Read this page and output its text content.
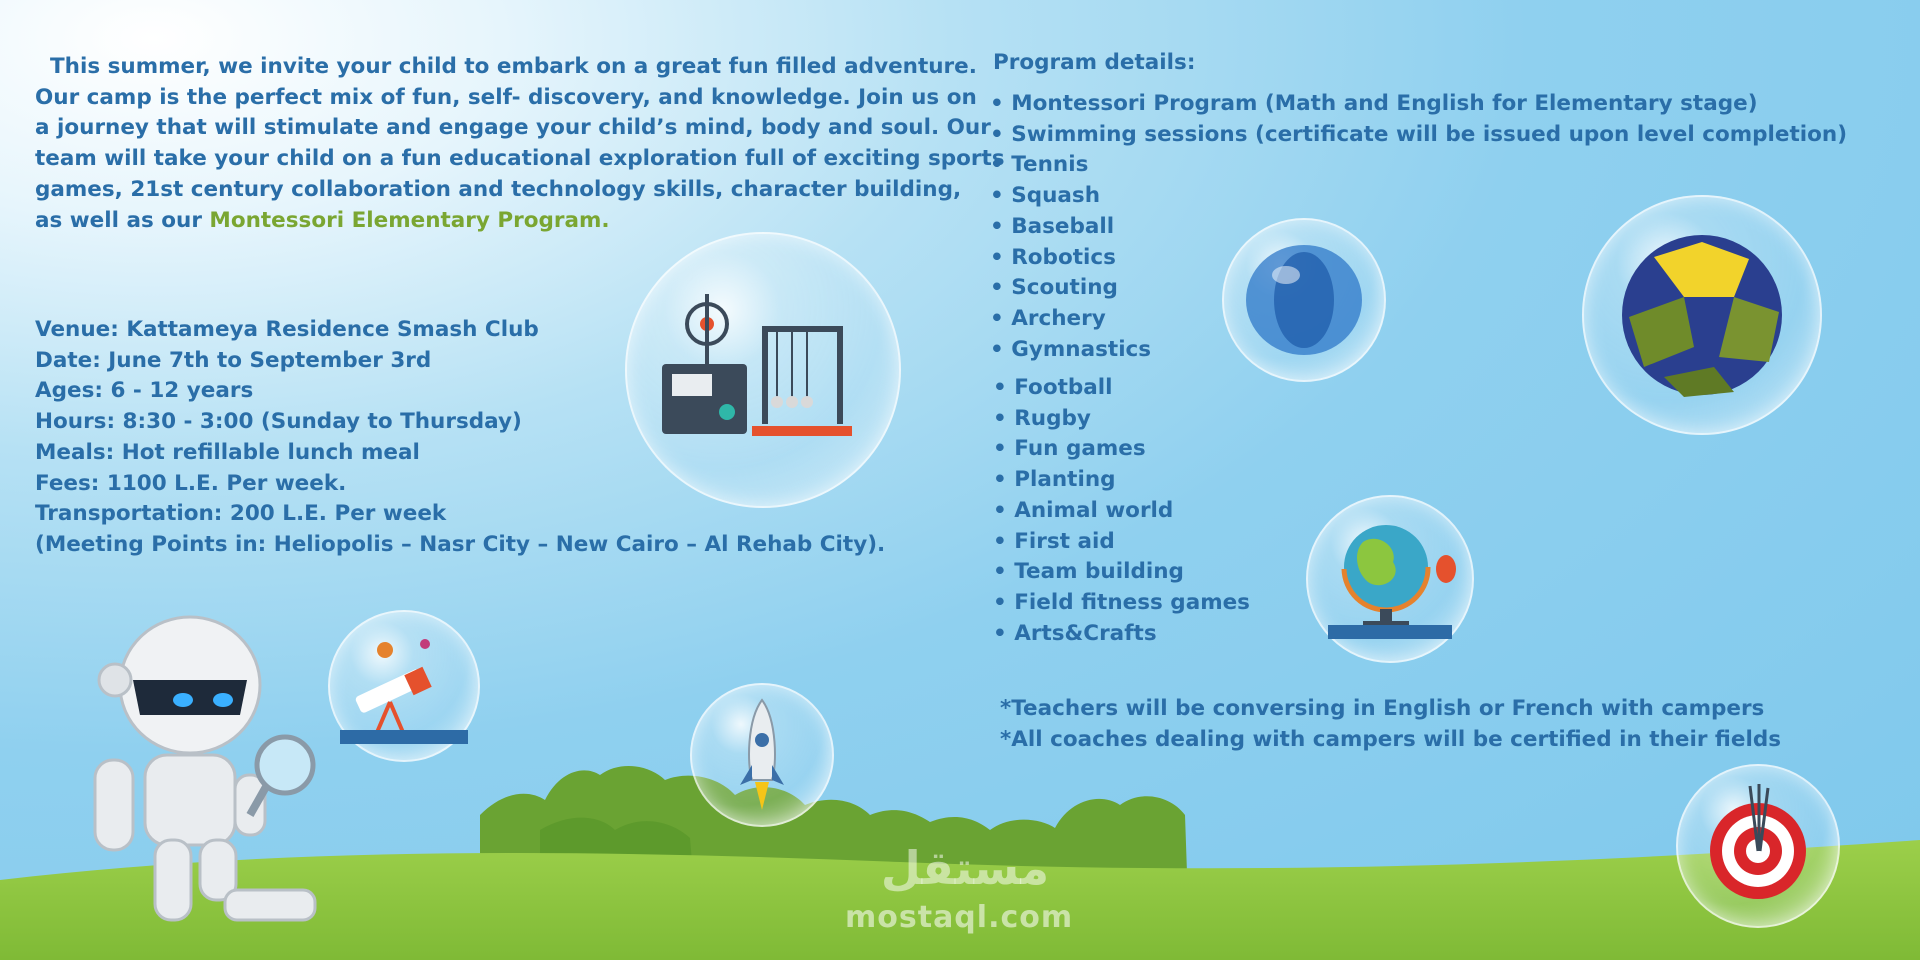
This summer, we invite your child to embark on a great fun filled adventure.

Our camp is the perfect mix of fun, self- discovery, and knowledge. Join us on

a journey that will stimulate and engage your child’s mind, body and soul. Our

team will take your child on a fun educational exploration full of exciting sports

games, 21st century collaboration and technology skills, character building,

as well as our Montessori Elementary Program.

Venue: Kattameya Residence Smash Club
Date: June 7th to September 3rd
Ages: 6 - 12 years
Hours: 8:30 - 3:00 (Sunday to Thursday)
Meals: Hot refillable lunch meal
Fees: 1100 L.E. Per week.
Transportation: 200 L.E. Per week
(Meeting Points in: Heliopolis – Nasr City – New Cairo – Al Rehab City).
Program details:
• Montessori Program (Math and English for Elementary stage)
• Swimming sessions (certificate will be issued upon level completion)
• Tennis
• Squash
• Baseball
• Robotics
• Scouting
• Archery
• Gymnastics
• Football
• Rugby
• Fun games
• Planting
• Animal world
• First aid
• Team building
• Field fitness games
• Arts&Crafts
*Teachers will be conversing in English or French with campers
*All coaches dealing with campers will be certified in their fields
مستقل
mostaql.com
